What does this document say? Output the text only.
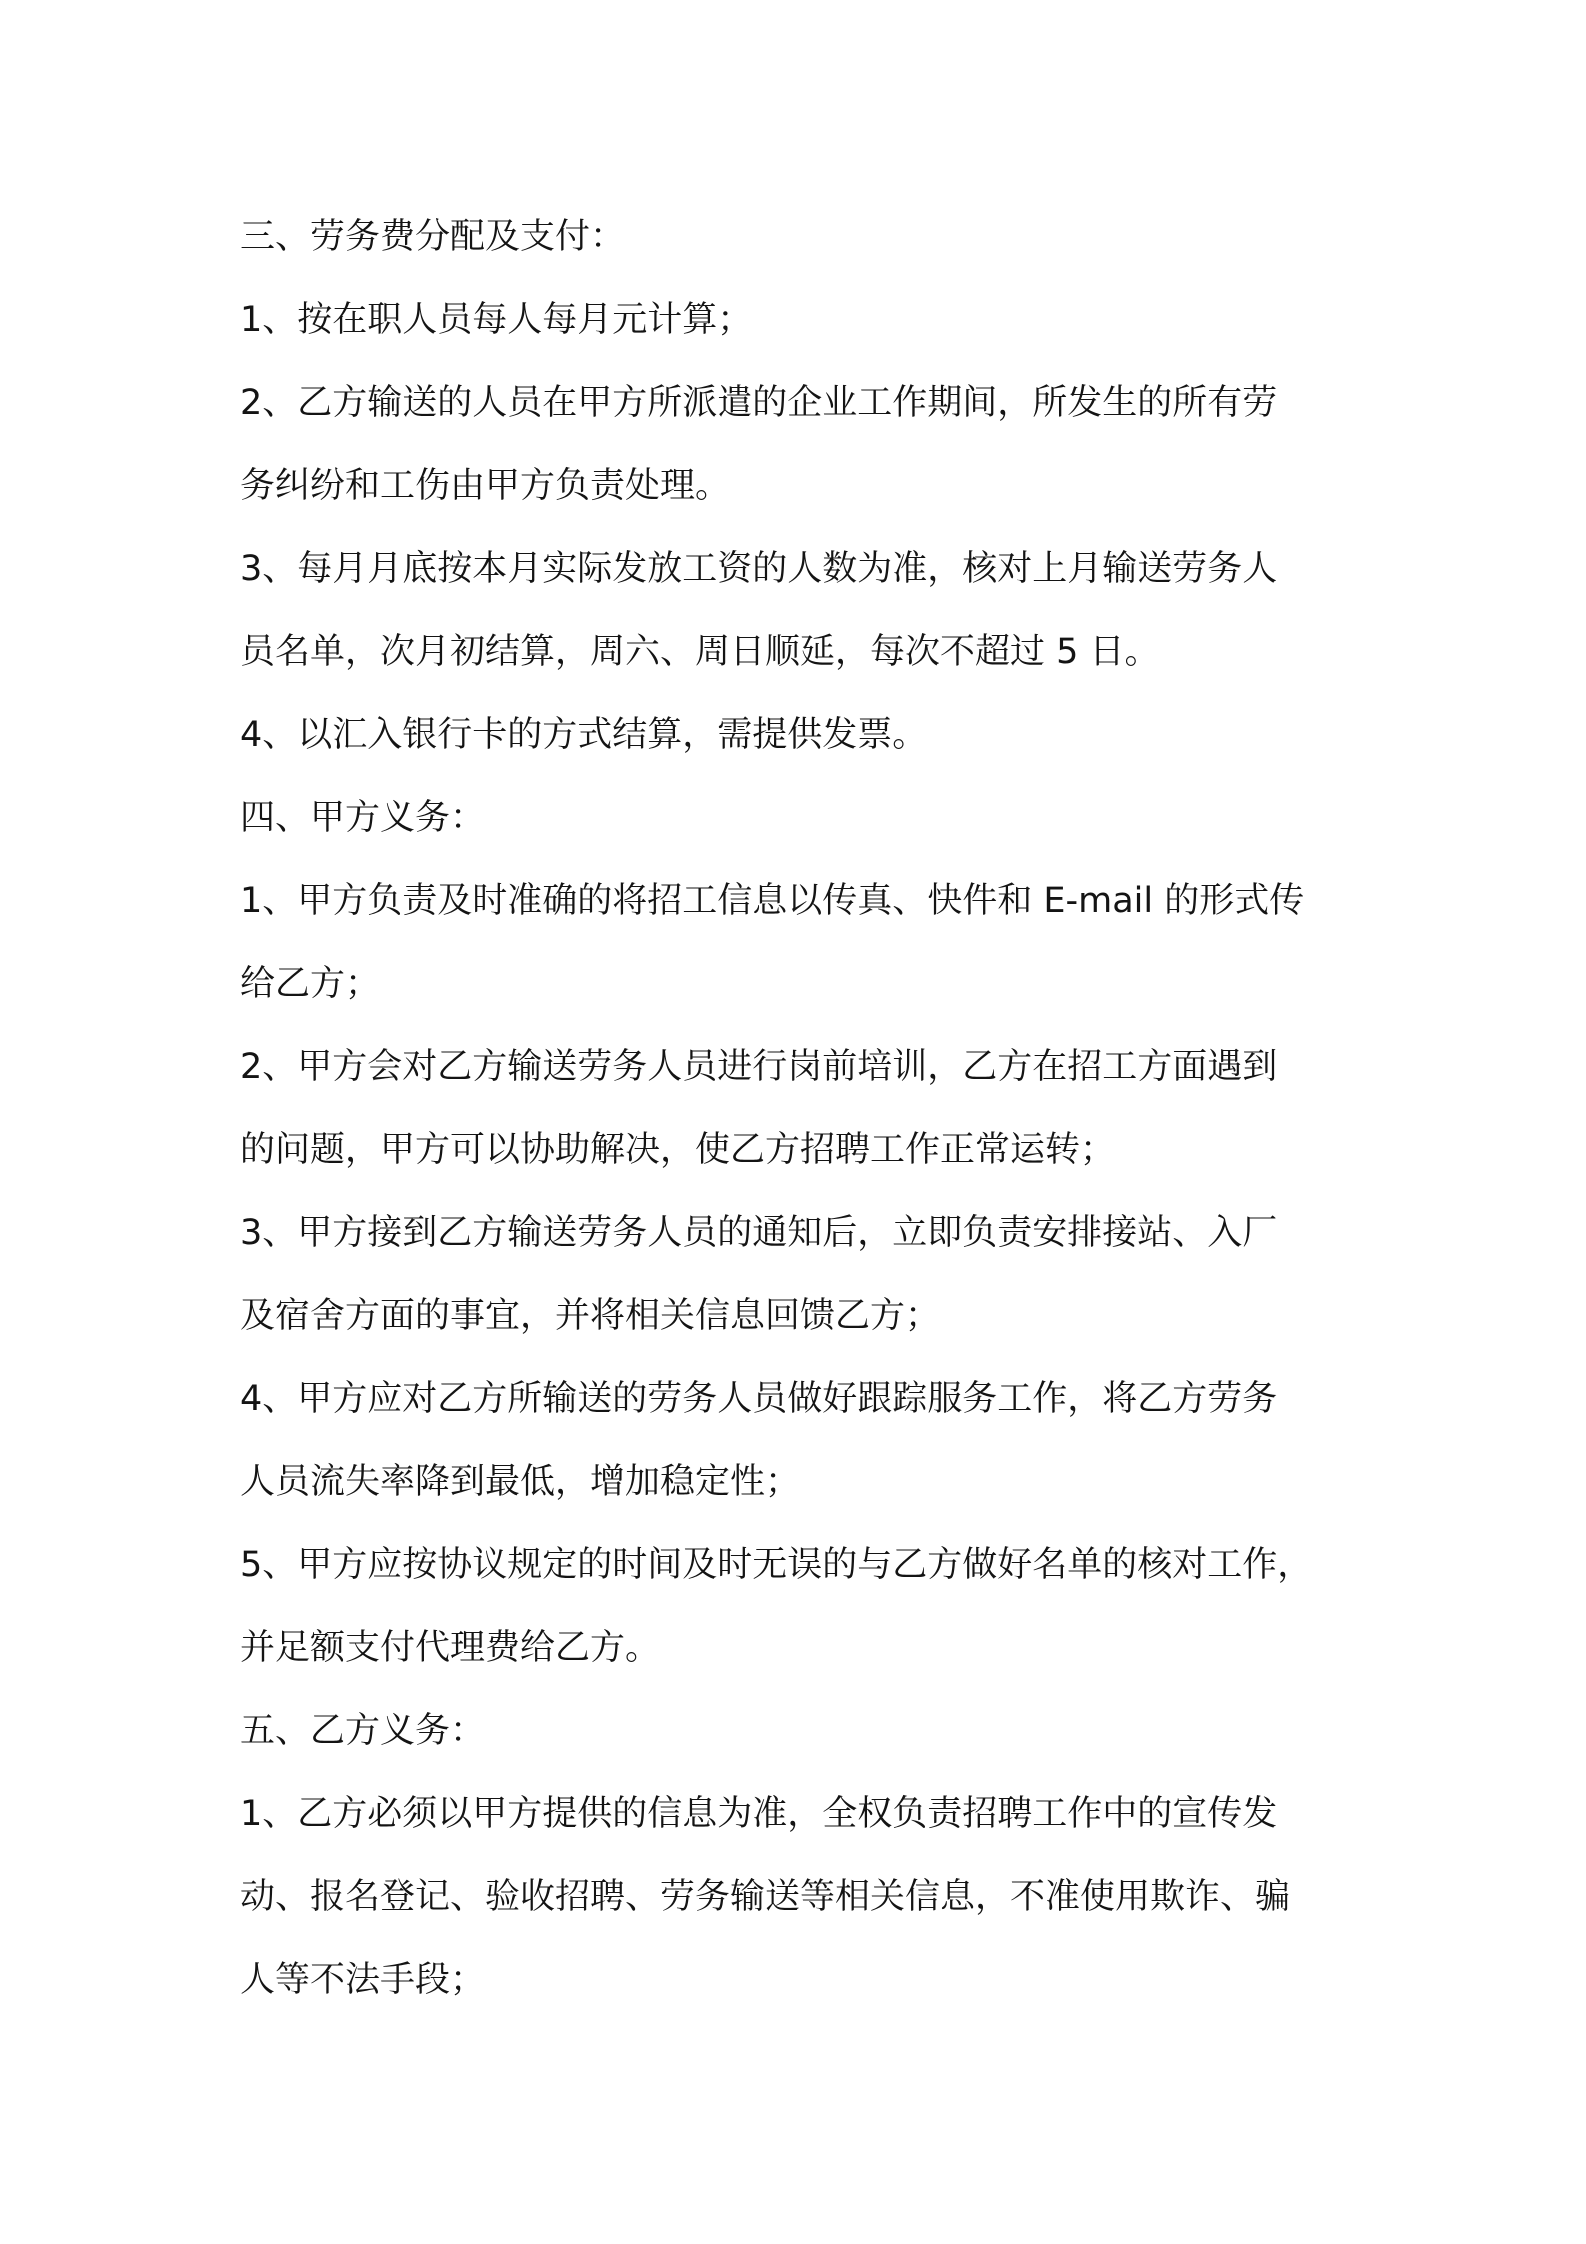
三、劳务费分配及支付：

1、按在职人员每人每月元计算；

2、乙方输送的人员在甲方所派遣的企业工作期间，所发生的所有劳

务纠纷和工伤由甲方负责处理。

3、每月月底按本月实际发放工资的人数为准，核对上月输送劳务人

员名单，次月初结算，周六、周日顺延，每次不超过 5 日。

4、以汇入银行卡的方式结算，需提供发票。

四、甲方义务：

1、甲方负责及时准确的将招工信息以传真、快件和 E-mail 的形式传

给乙方；

2、甲方会对乙方输送劳务人员进行岗前培训，乙方在招工方面遇到

的问题，甲方可以协助解决，使乙方招聘工作正常运转；

3、甲方接到乙方输送劳务人员的通知后，立即负责安排接站、入厂

及宿舍方面的事宜，并将相关信息回馈乙方；

4、甲方应对乙方所输送的劳务人员做好跟踪服务工作，将乙方劳务

人员流失率降到最低，增加稳定性；

5、甲方应按协议规定的时间及时无误的与乙方做好名单的核对工作，

并足额支付代理费给乙方。

五、乙方义务：

1、乙方必须以甲方提供的信息为准，全权负责招聘工作中的宣传发

动、报名登记、验收招聘、劳务输送等相关信息，不准使用欺诈、骗

人等不法手段；
